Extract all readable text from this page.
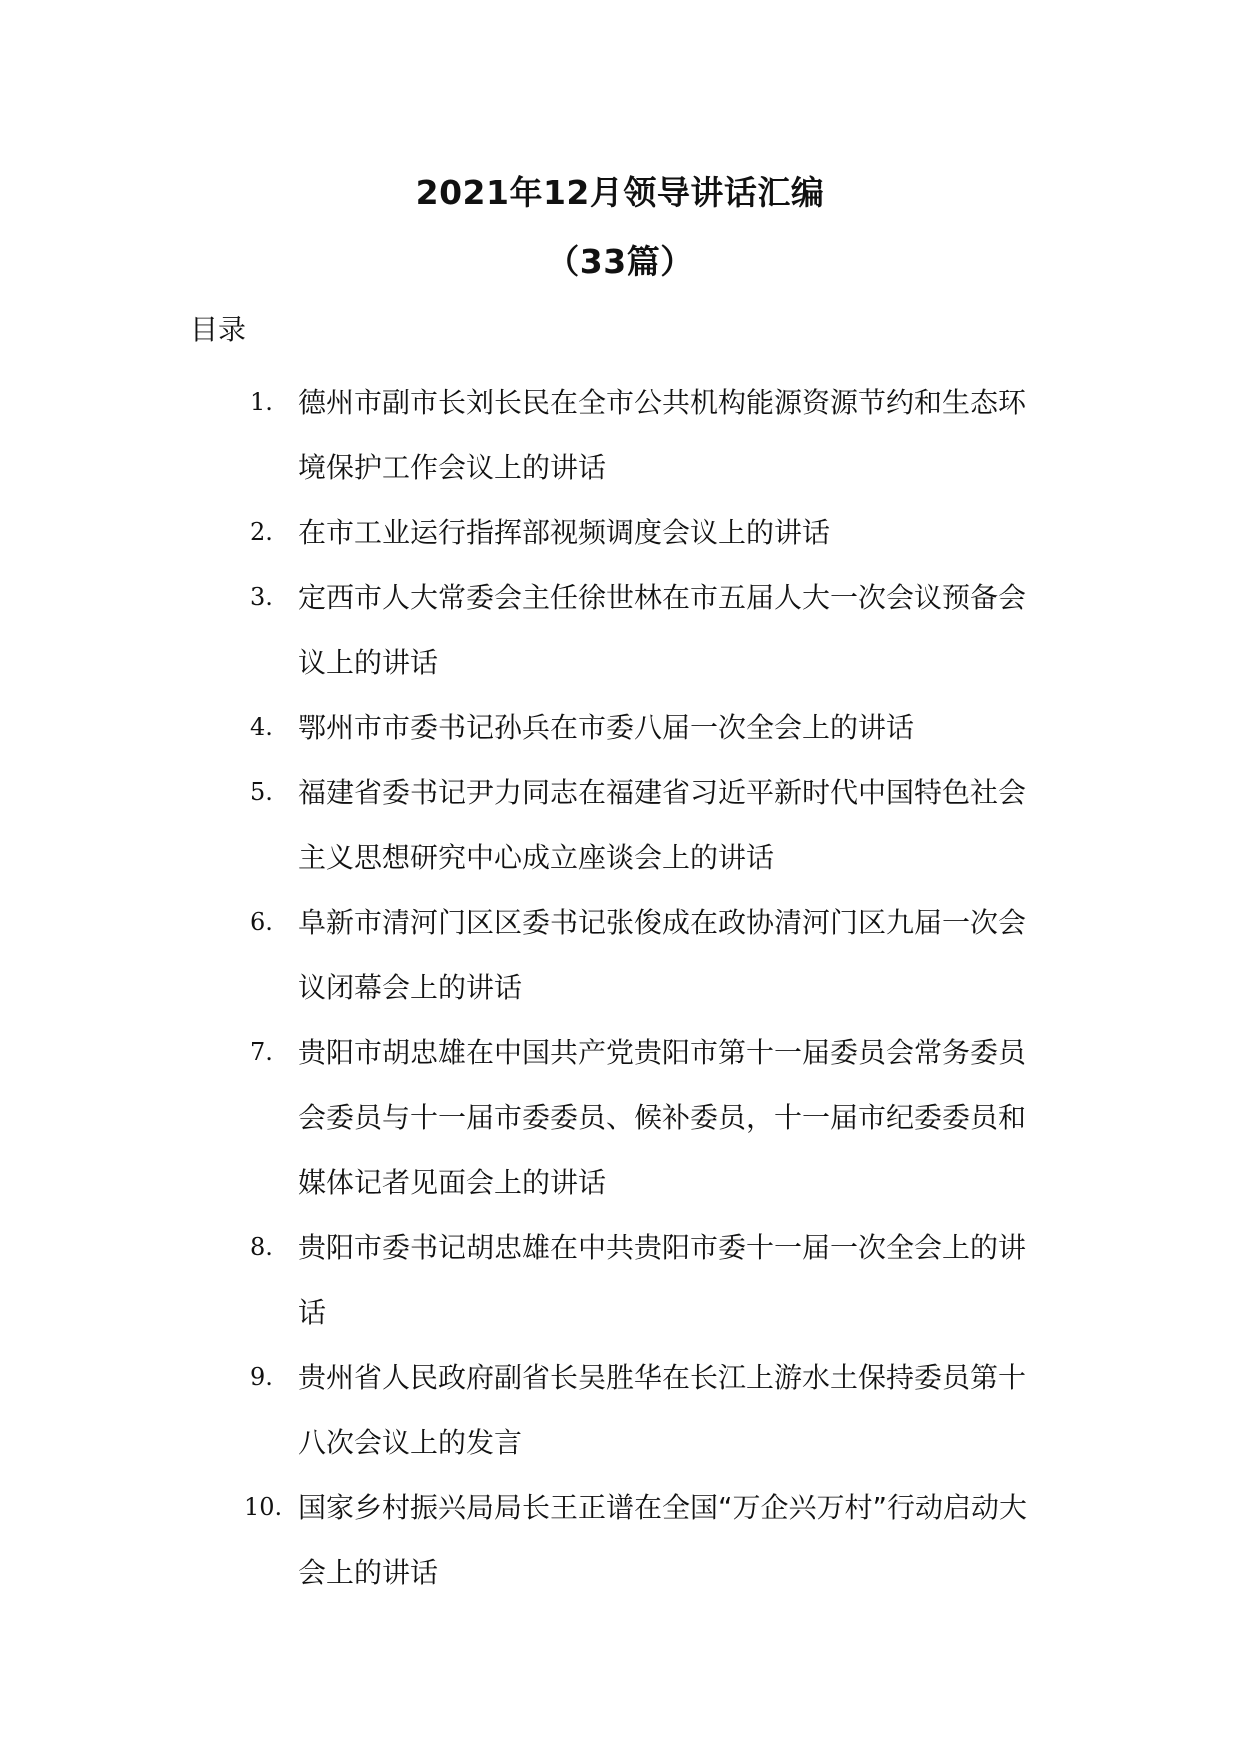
2021年12月领导讲话汇编
（33篇）
目录
1. 德州市副市长刘长民在全市公共机构能源资源节约和生态环境保护工作会议上的讲话
2. 在市工业运行指挥部视频调度会议上的讲话
3. 定西市人大常委会主任徐世林在市五届人大一次会议预备会议上的讲话
4. 鄂州市市委书记孙兵在市委八届一次全会上的讲话
5. 福建省委书记尹力同志在福建省习近平新时代中国特色社会主义思想研究中心成立座谈会上的讲话
6. 阜新市清河门区区委书记张俊成在政协清河门区九届一次会议闭幕会上的讲话
7. 贵阳市胡忠雄在中国共产党贵阳市第十一届委员会常务委员会委员与十一届市委委员、候补委员，十一届市纪委委员和媒体记者见面会上的讲话
8. 贵阳市委书记胡忠雄在中共贵阳市委十一届一次全会上的讲话
9. 贵州省人民政府副省长吴胜华在长江上游水土保持委员第十八次会议上的发言
10. 国家乡村振兴局局长王正谱在全国“万企兴万村”行动启动大会上的讲话
